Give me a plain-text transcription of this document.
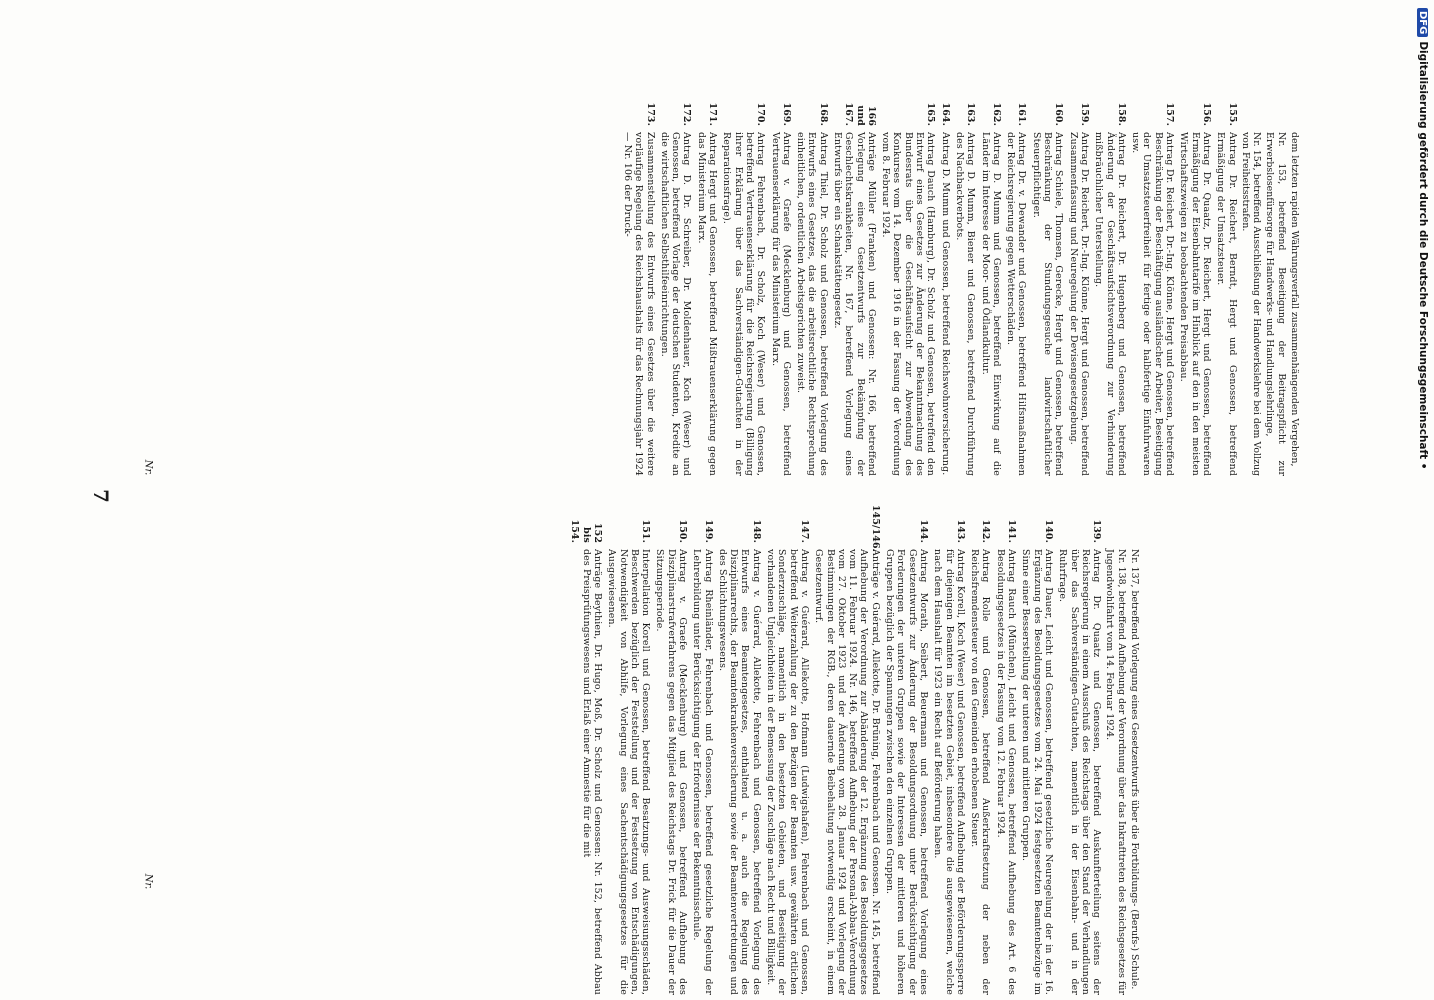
7
Nr.
Nr.
Nr. 137, betreffend Vorlegung eines Gesetzentwurfs über die Fortbildungs- (Berufs-) Schule.
Nr. 138, betreffend Aufhebung der Verordnung über das Inkrafttreten des Reichsgesetzes für Jugendwohlfahrt vom 14. Februar 1924.
139.
Antrag Dr. Quaatz und Genossen, betreffend Auskunfterteilung seitens der Reichsregierung in einem Ausschuß des Reichstags über den Stand der Verhandlungen über das Sachverständigen-Gutachten, namentlich in der Eisenbahn- und in der Ruhrfrage.
140.
Antrag Dauer, Leicht und Genossen, betreffend gesetzliche Neuregelung der in der 16. Ergänzung des Besoldungsgesetzes vom 24. Mai 1924 festgesetzten Beamtenbezüge im Sinne einer Besserstellung der unteren und mittleren Gruppen.
141.
Antrag Rauch (München), Leicht und Genossen, betreffend Aufhebung des Art. 6 des Besoldungsgesetzes in der Fassung vom 12. Februar 1924.
142.
Antrag Rolle und Genossen, betreffend Außerkraftsetzung der neben der Reichsfremdensteuer von den Gemeinden erhobenen Steuer.
143.
Antrag Korell, Koch (Weser) und Genossen, betreffend Aufhebung der Beförderungssperre für diejenigen Beamten im besetzten Gebiet, insbesondere die ausgewiesenen, welche nach dem Haushalt für 1923 ein Recht auf Beförderung haben.
144.
Antrag Morath, Seibert, Beuermann und Genossen, betreffend Vorlegung eines Gesetzentwurfs zur Änderung der Besoldungsordnung unter Berücksichtigung der Forderungen der unteren Gruppen sowie der Interessen der mittleren und höheren Gruppen bezüglich der Spannungen zwischen den einzelnen Gruppen.
145/146.
Anträge v. Guérard, Allekotte, Dr. Brüning, Fehrenbach und Genossen. Nr. 145, betreffend Aufhebung der Verordnung zur Abänderung der 12. Ergänzung des Besoldungsgesetzes vom 11. Februar 1924. Nr. 146, betreffend Aufhebung der Personal-Abbau-Verordnung vom 27. Oktober 1923 und der Änderung vom 28. Januar 1924 und Vorlegung der Bestimmungen der RGB., deren dauernde Beibehaltung notwendig erscheint, in einem Gesetzentwurf.
147.
Antrag v. Guérard, Allekotte, Hofmann (Ludwigshafen), Fehrenbach und Genossen, betreffend Weiterzahlung der zu den Bezügen der Beamten usw. gewährten örtlichen Sonderzuschläge, namentlich in den besetzten Gebieten, und Beseitigung der vorhandenen Ungleichheiten in der Bemessung der Zuschläge nach Recht und Billigkeit.
148.
Antrag v. Guérard, Allekotte, Fehrenbach und Genossen, betreffend Vorlegung des Entwurfs eines Beamtengesetzes, enthaltend u. a. auch die Regelung des Disziplinarrechts, der Beamtenkrankenversicherung sowie der Beamtenvertretungen und des Schlichtungswesens.
149.
Antrag Rheinländer, Fehrenbach und Genossen, betreffend gesetzliche Regelung der Lehrerbildung unter Berücksichtigung der Erfordernisse der Bekenntnisschule.
150.
Antrag v. Graefe (Mecklenburg) und Genossen, betreffend Aufhebung des Disziplinarstrafverfahrens gegen das Mitglied des Reichstags Dr. Frick für die Dauer der Sitzungsperiode.
151.
Interpellation Korell und Genossen, betreffend Besatzungs- und Ausweisungsschäden, Beschwerden bezüglich der Feststellung und der Festsetzung von Entschädigungen, Notwendigkeit von Abhilfe, Vorlegung eines Sachentschädigungsgesetzes für die Ausgewiesenen.
152 bis 154.
Anträge Beythien, Dr. Hugo, Moß, Dr. Scholz und Genossen: Nr. 152, betreffend Abbau des Preisprüfungswesens und Erlaß einer Amnestie für die mit
dem letzten rapiden Währungsverfall zusammenhängenden Vergehen,
Nr. 153, betreffend Beseitigung der Beitragspflicht zur Erwerbslosenfürsorge für Handwerks- und Handlungslehrlinge,
Nr. 154, betreffend Ausschließung der Handwerkslehre bei dem Vollzug von Freiheitsstrafen.
155.
Antrag Dr. Reichert, Berndt, Hergt und Genossen, betreffend Ermäßigung der Umsatzsteuer.
156.
Antrag Dr. Quaatz, Dr. Reichert, Hergt und Genossen, betreffend Ermäßigung der Eisenbahntarife im Hinblick auf den in den meisten Wirtschaftszweigen zu beobachtenden Preisabbau.
157.
Antrag Dr. Reichert, Dr.-Ing. Klönne, Hergt und Genossen, betreffend Beschränkung der Beschäftigung ausländischer Arbeiter, Beseitigung der Umsatzsteuerfreiheit für fertige oder halbfertige Einfuhrwaren usw.
158.
Antrag Dr. Reichert, Dr. Hugenberg und Genossen, betreffend Änderung der Geschäftsaufsichtsverordnung zur Verhinderung mißbräuchlicher Unterstellung.
159.
Antrag Dr. Reichert, Dr.-Ing. Klönne, Hergt und Genossen, betreffend Zusammenfassung und Neuregelung der Devisengesetzgebung.
160.
Antrag Schiele, Thomsen, Gerecke, Hergt und Genossen, betreffend Beschränkung der Stundungsgesuche landwirtschaftlicher Steuerpflichtiger.
161.
Antrag Dr. v. Dewander und Genossen, betreffend Hilfsmaßnahmen der Reichsregierung gegen Wetterschäden.
162.
Antrag D. Mumm und Genossen, betreffend Einwirkung auf die Länder im Interesse der Moor- und Ödlandkultur.
163.
Antrag D. Mumm, Biener und Genossen, betreffend Durchführung des Nachbackverbots.
164.
Antrag D. Mumm und Genossen, betreffend Reichswohnversicherung.
165.
Antrag Dauch (Hamburg), Dr. Scholz und Genossen, betreffend den Entwurf eines Gesetzes zur Änderung der Bekanntmachung des Bundesrats über die Geschäftsaufsicht zur Abwendung des Konkurses vom 14. Dezember 1916 in der Fassung der Verordnung vom 8. Februar 1924.
166 und 167.
Anträge Müller (Franken) und Genossen: Nr. 166, betreffend Vorlegung eines Gesetzentwurfs zur Bekämpfung der Geschlechtskrankheiten, Nr. 167, betreffend Vorlegung eines Entwurfs über ein Schankstättengesetz.
168.
Antrag Thiel, Dr. Scholz und Genossen, betreffend Vorlegung des Entwurfs eines Gesetzes, das die arbeitsrechtliche Rechtsprechung einheitlichen, ordentlichen Arbeitsgerichten zuweist.
169.
Antrag v. Graefe (Mecklenburg) und Genossen, betreffend Vertrauenserklärung für das Ministerium Marx.
170.
Antrag Fehrenbach, Dr. Scholz, Koch (Weser) und Genossen, betreffend Vertrauenserklärung für die Reichsregierung (Billigung ihrer Erklärung über das Sachverständigen-Gutachten in der Reparationsfrage).
171.
Antrag Hergt und Genossen, betreffend Mißtrauenserklärung gegen das Ministerium Marx.
172.
Antrag D. Dr. Schreiber, Dr. Moldenhauer, Koch (Weser) und Genossen, betreffend Vorlage der deutschen Studenten, Kredite an die wirtschaftlichen Selbsthilfeeinrichtungen.
173.
Zusammenstellung des Entwurfs eines Gesetzes über die weitere vorläufige Regelung des Reichshaushalts für das Rechnungsjahr 1924 — Nr. 106 der Druck-
DFGDigitalisierung gefördert durch die Deutsche Forschungsgemeinschaft •
